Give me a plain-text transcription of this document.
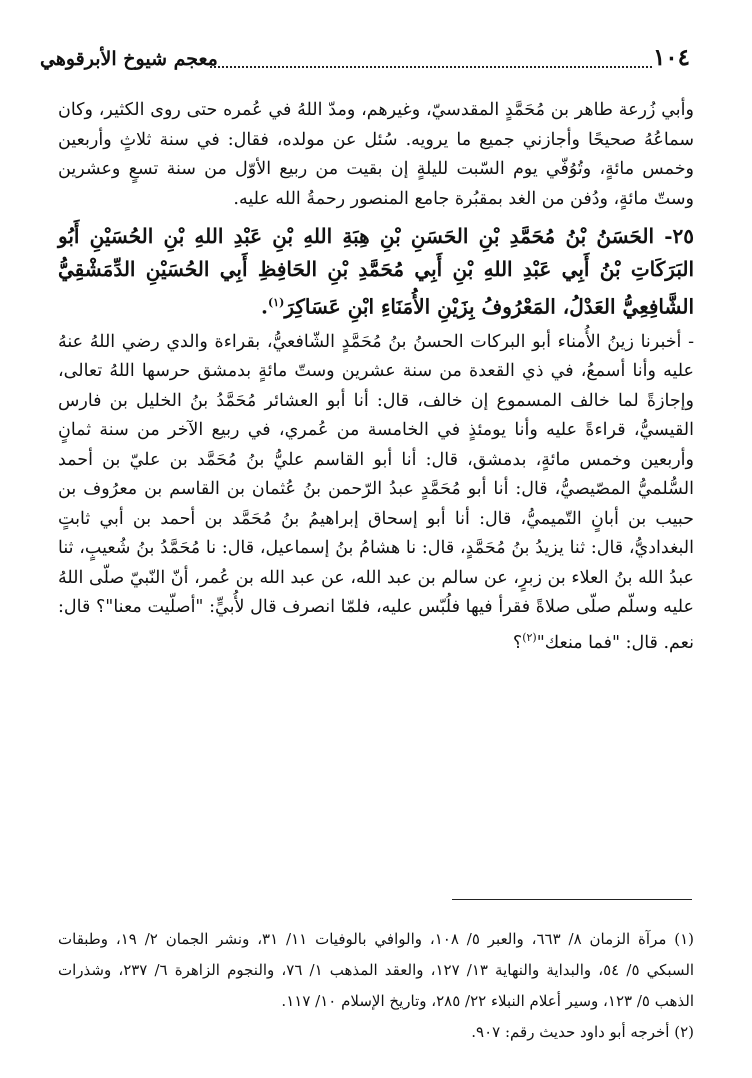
١٠٤
معجم شيوخ الأبرقوهي

وأبي زُرعة طاهر بن مُحَمَّدٍ المقدسيّ، وغيرهم، ومدّ اللهُ في عُمره حتى روى الكثير، وكان سماعُهُ صحيحًا وأجازني جميع ما يرويه. سُئل عن مولده، فقال: في سنة ثلاثٍ وأربعين وخمس مائةٍ، وتُوُفّي يوم السّبت لليلةٍ إن بقيت من ربيع الأوّل من سنة تسعٍ وعشرين وستّ مائةٍ، ودُفن من الغد بمقبُرة جامع المنصور رحمةُ الله عليه.

٢٥- الحَسَنُ بْنُ مُحَمَّدِ بْنِ الحَسَنِ بْنِ هِبَةِ اللهِ بْنِ عَبْدِ اللهِ بْنِ الحُسَيْنِ أَبُو البَرَكَاتِ بْنُ أَبِي عَبْدِ اللهِ بْنِ أَبِي مُحَمَّدِ بْنِ الحَافِظِ أَبِي الحُسَيْنِ الدِّمَشْقِيُّ الشَّافِعِيُّ العَدْلُ، المَعْرُوفُ بِزَيْنِ الأُمَنَاءِ ابْنِ عَسَاكِرَ$^{(١)}$.

- أخبرنا زينُ الأُمناء أبو البركات الحسنُ بنُ مُحَمَّدٍ الشّافعيُّ، بقراءة والدي رضي اللهُ عنهُ عليه وأنا أسمعُ، في ذي القعدة من سنة عشرين وستّ مائةٍ بدمشق حرسها اللهُ تعالى، وإجازةً لما خالف المسموع إن خالف، قال: أنا أبو العشائر مُحَمَّدُ بنُ الخليل بن فارس القيسيُّ، قراءةً عليه وأنا يومئذٍ في الخامسة من عُمري، في ربيع الآخر من سنة ثمانٍ وأربعين وخمس مائةٍ، بدمشق، قال: أنا أبو القاسم عليُّ بنُ مُحَمَّد بن عليّ بن أحمد السُّلميُّ المصّيصيُّ، قال: أنا أبو مُحَمَّدٍ عبدُ الرّحمن بنُ عُثمان بن القاسم بن معرُوف بن حبيب بن أبانٍ التّميميُّ، قال: أنا أبو إسحاق إبراهيمُ بنُ مُحَمَّد بن أحمد بن أبي ثابتٍ البغداديُّ، قال: ثنا يزيدُ بنُ مُحَمَّدٍ، قال: نا هشامُ بنُ إسماعيل، قال: نا مُحَمَّدُ بنُ شُعيبٍ، ثنا عبدُ الله بنُ العلاء بن زبرٍ، عن سالم بن عبد الله، عن عبد الله بن عُمر، أنّ النّبيّ صلّى اللهُ عليه وسلّم صلّى صلاةً فقرأ فيها فلُبّس عليه، فلمّا انصرف قال لأُبيٍّ: "أصلّيت معنا"؟ قال: نعم. قال: "فما منعك"$^{(٢)}$؟

(١) مرآة الزمان ٨/ ٦٦٣، والعبر ٥/ ١٠٨، والوافي بالوفيات ١١/ ٣١، ونشر الجمان ٢/ ١٩، وطبقات السبكي ٥/ ٥٤، والبداية والنهاية ١٣/ ١٢٧، والعقد المذهب ١/ ٧٦، والنجوم الزاهرة ٦/ ٢٣٧، وشذرات الذهب ٥/ ١٢٣، وسير أعلام النبلاء ٢٢/ ٢٨٥، وتاريخ الإسلام ١٠/ ١١٧.

(٢) أخرجه أبو داود حديث رقم: ٩٠٧.
